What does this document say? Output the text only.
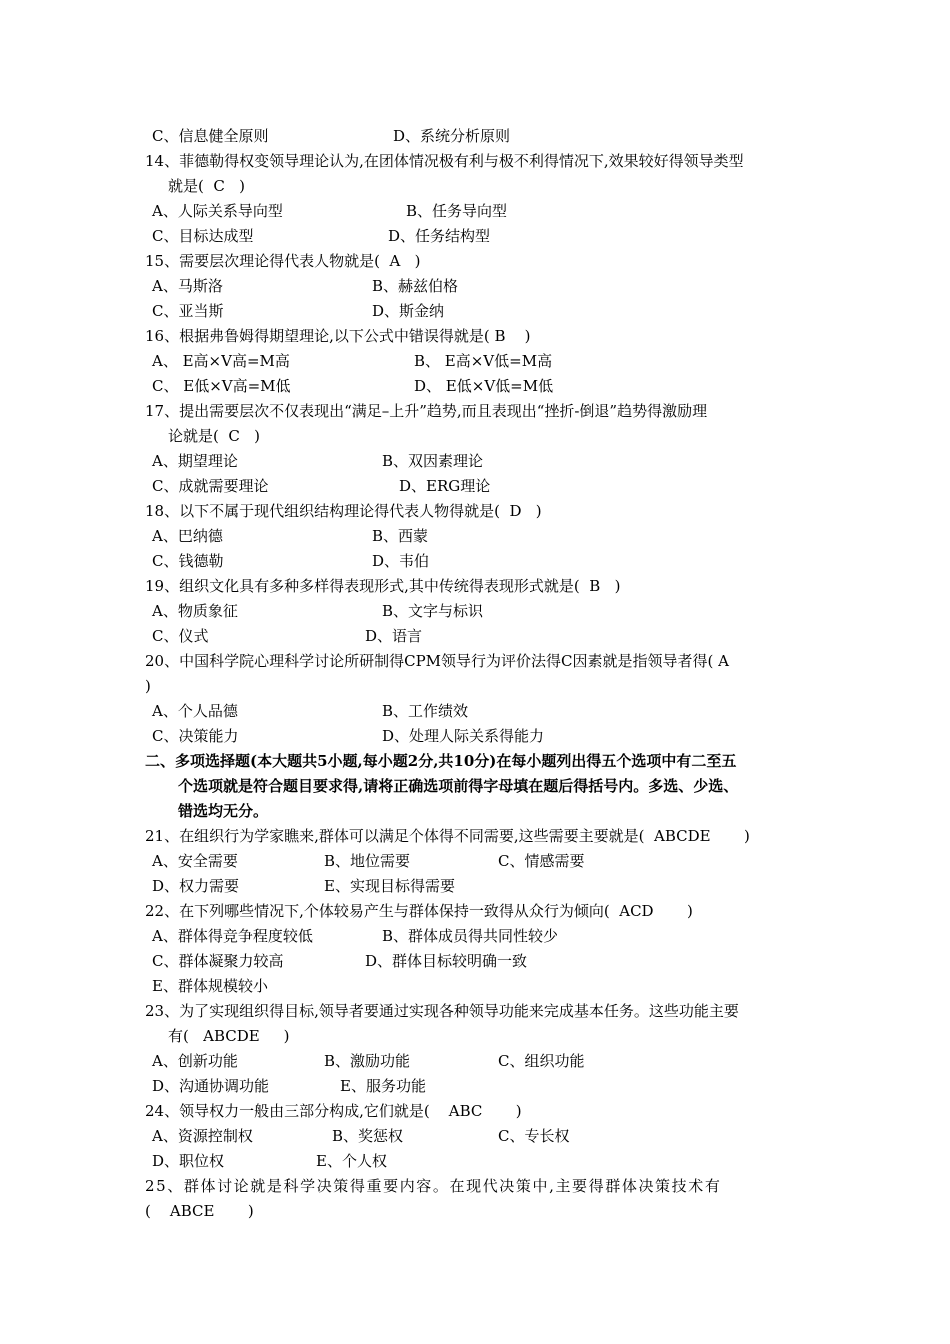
C、信息健全原则	D、系统分析原则
14、菲德勒得权变领导理论认为,在团体情况极有利与极不利得情况下,效果较好得领导类型
就是(  C   )
A、人际关系导向型	B、任务导向型
C、目标达成型	D、任务结构型
15、需要层次理论得代表人物就是(  A   )
A、马斯洛	B、赫兹伯格
C、亚当斯	D、斯金纳
16、根据弗鲁姆得期望理论,以下公式中错误得就是( B    )
A、 E高×V高=M高	B、 E高×V低=M高
C、 E低×V高=M低	D、 E低×V低=M低
17、提出需要层次不仅表现出“满足–上升”趋势,而且表现出“挫折-倒退”趋势得激励理
论就是(  C   )
A、期望理论	B、双因素理论
C、成就需要理论	D、ERG理论
18、以下不属于现代组织结构理论得代表人物得就是(  D   )
A、巴纳德	B、西蒙
C、钱德勒	D、韦伯
19、组织文化具有多种多样得表现形式,其中传统得表现形式就是(  B   )
A、物质象征	B、文字与标识
C、仪式	D、语言
20、中国科学院心理科学讨论所研制得CPM领导行为评价法得C因素就是指领导者得( A
)
A、个人品德	B、工作绩效
C、决策能力	D、处理人际关系得能力
二、多项选择题(本大题共5小题,每小题2分,共10分)在每小题列出得五个选项中有二至五
个选项就是符合题目要求得,请将正确选项前得字母填在题后得括号内。多选、少选、
错选均无分。
21、在组织行为学家瞧来,群体可以满足个体得不同需要,这些需要主要就是(  ABCDE       )
A、安全需要	B、地位需要	C、情感需要
D、权力需要	E、实现目标得需要
22、在下列哪些情况下,个体较易产生与群体保持一致得从众行为倾向(  ACD       )
A、群体得竞争程度较低	B、群体成员得共同性较少
C、群体凝聚力较高	D、群体目标较明确一致
E、群体规模较小
23、为了实现组织得目标,领导者要通过实现各种领导功能来完成基本任务。这些功能主要
有(   ABCDE     )
A、创新功能	B、激励功能	C、组织功能
D、沟通协调功能	E、服务功能
24、领导权力一般由三部分构成,它们就是(    ABC       )
A、资源控制权	B、奖惩权	C、专长权
D、职位权	E、个人权
25、群体讨论就是科学决策得重要内容。在现代决策中,主要得群体决策技术有
(    ABCE       )
